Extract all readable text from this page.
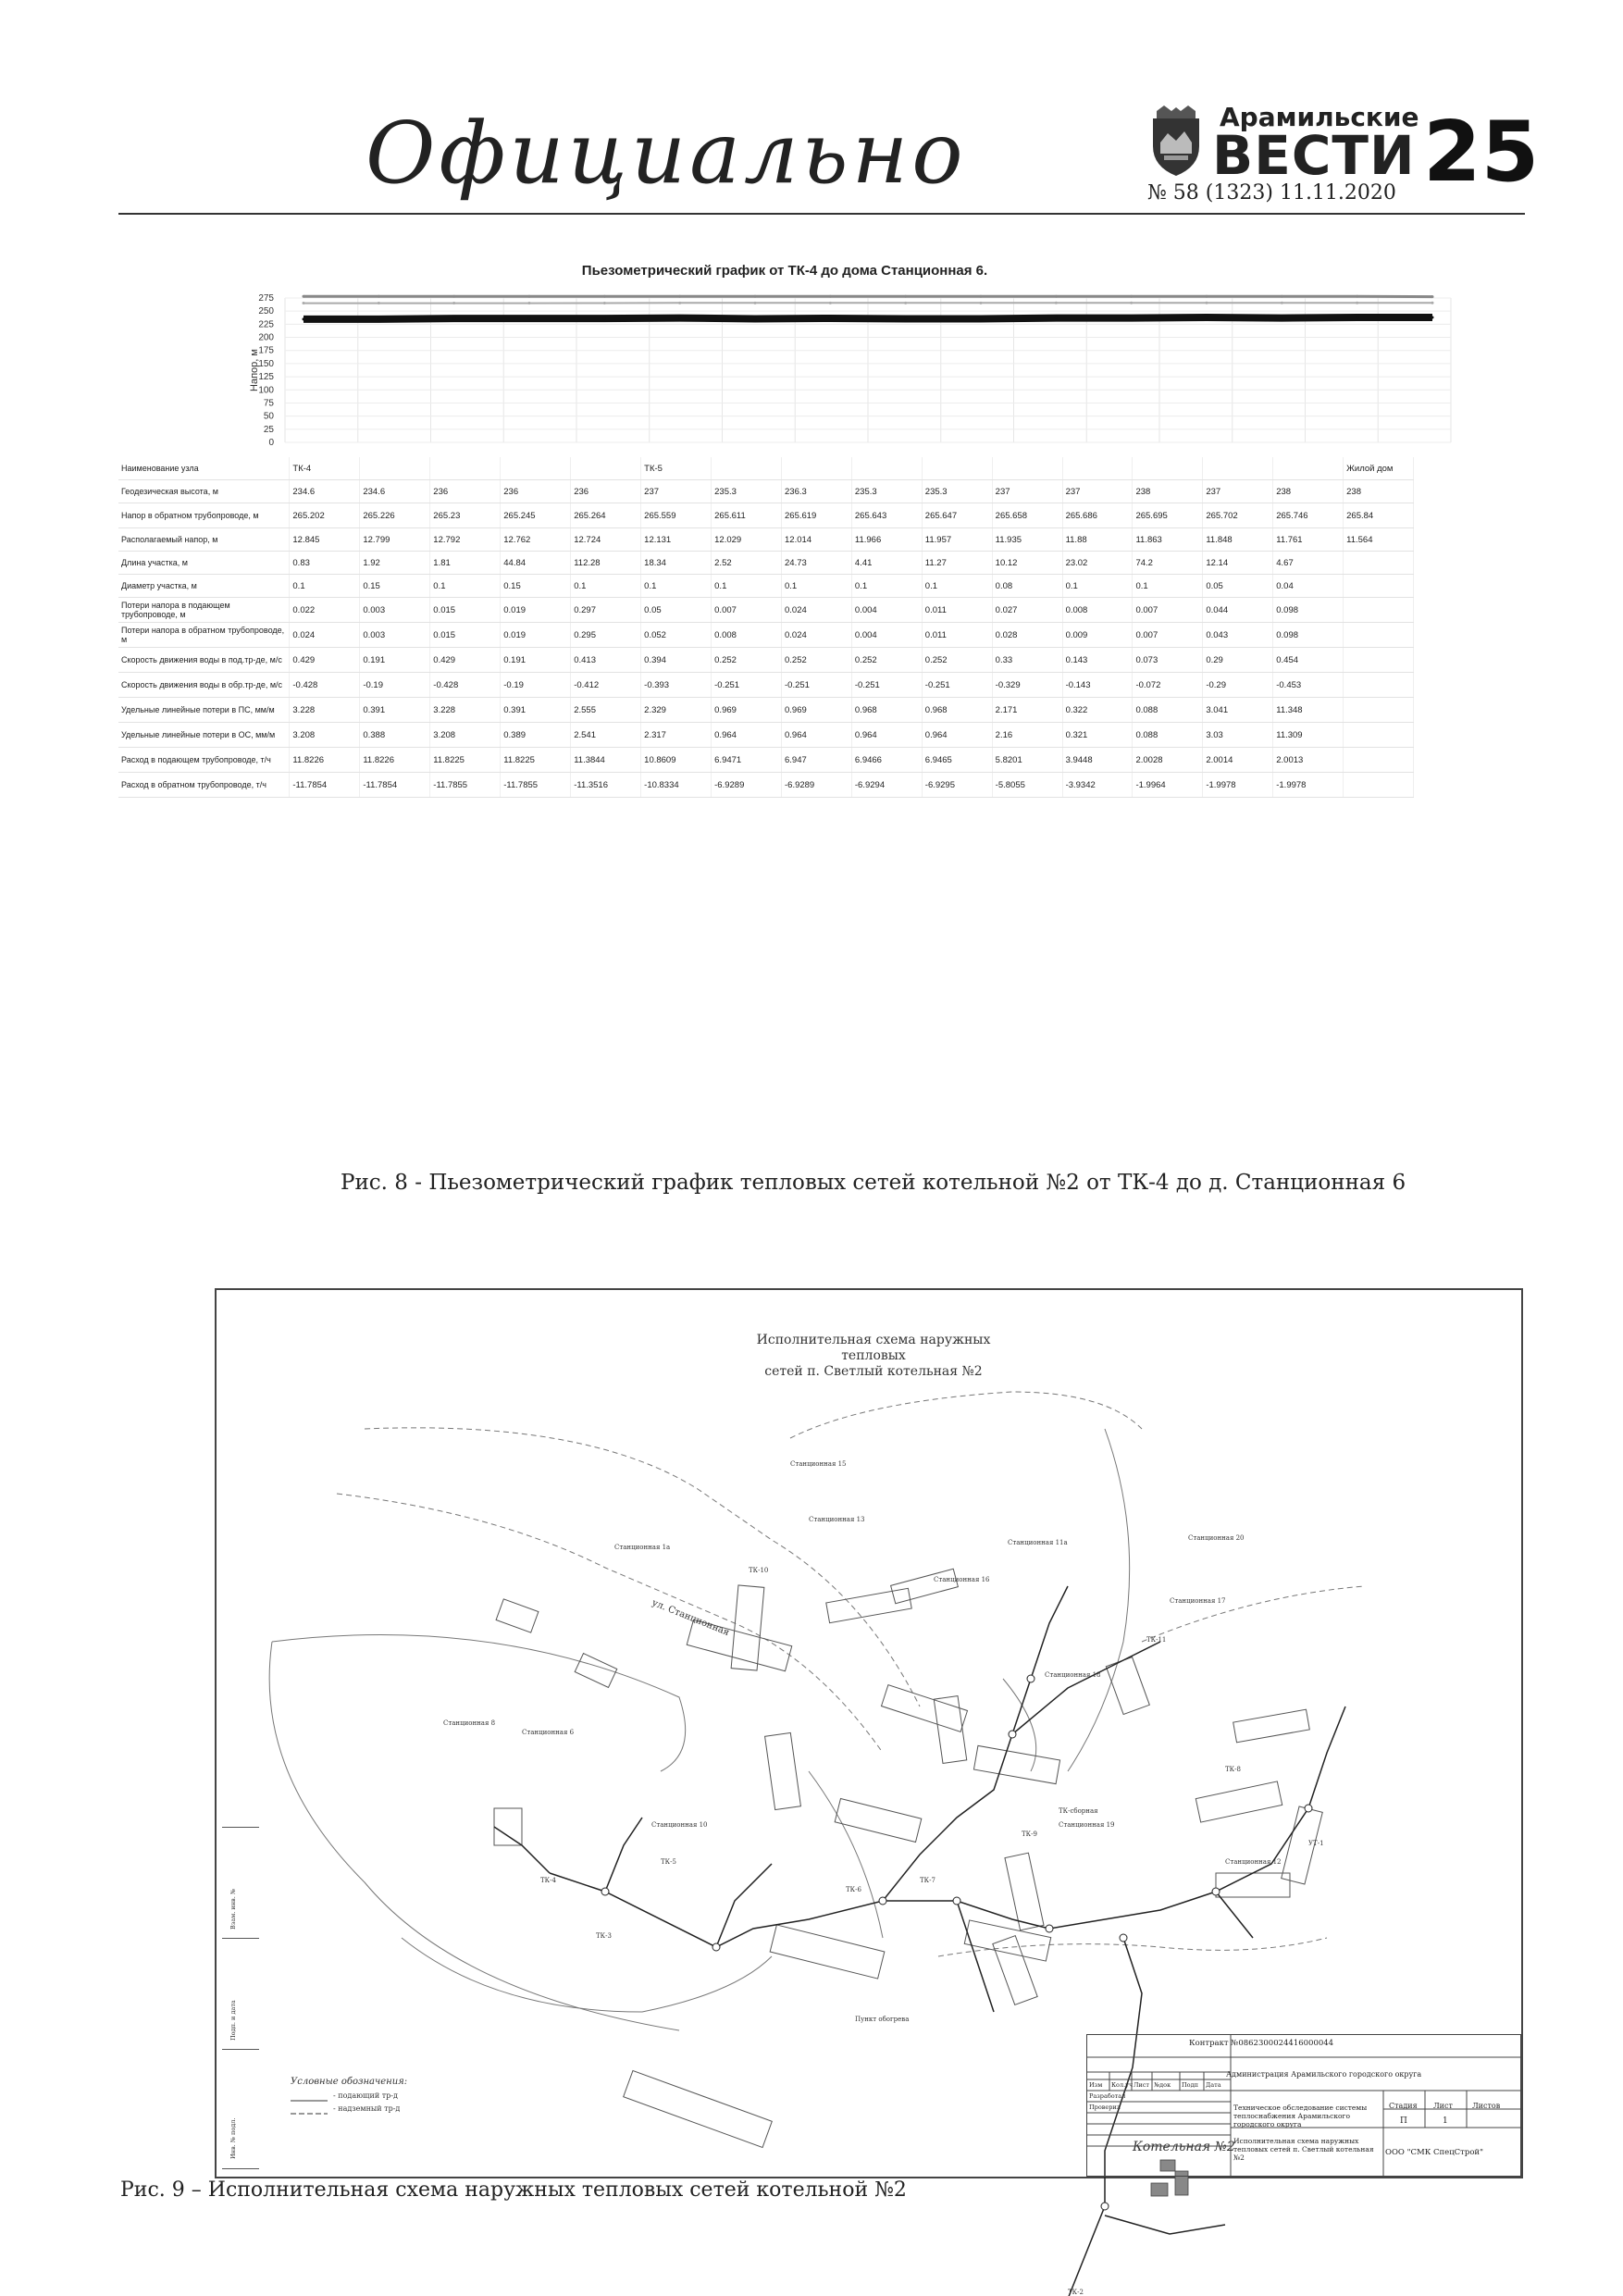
Официально	Арамильские
ВЕСТИ
№ 58 (1323) 11.11.2020 25
Пьезометрический график от ТК-4 до дома Станционная 6.
275
250
225
200
175
150
125
100
75
50
25
0
Напор, м
Наименование узла	ТК-4					ТК-5										Жилой дом
Геодезическая высота, м	234.6	234.6	236	236	236	237	235.3	236.3	235.3	235.3	237	237	238	237	238	238
Напор в обратном трубопроводе, м	265.202	265.226	265.23	265.245	265.264	265.559	265.611	265.619	265.643	265.647	265.658	265.686	265.695	265.702	265.746	265.84
Располагаемый напор, м	12.845	12.799	12.792	12.762	12.724	12.131	12.029	12.014	11.966	11.957	11.935	11.88	11.863	11.848	11.761	11.564
Длина участка, м	0.83	1.92	1.81	44.84	112.28	18.34	2.52	24.73	4.41	11.27	10.12	23.02	74.2	12.14	4.67	
Диаметр участка, м	0.1	0.15	0.1	0.15	0.1	0.1	0.1	0.1	0.1	0.1	0.08	0.1	0.1	0.05	0.04	
Потери напора в подающем трубопроводе, м	0.022	0.003	0.015	0.019	0.297	0.05	0.007	0.024	0.004	0.011	0.027	0.008	0.007	0.044	0.098	
Потери напора в обратном трубопроводе, м	0.024	0.003	0.015	0.019	0.295	0.052	0.008	0.024	0.004	0.011	0.028	0.009	0.007	0.043	0.098	
Скорость движения воды в под.тр-де, м/с	0.429	0.191	0.429	0.191	0.413	0.394	0.252	0.252	0.252	0.252	0.33	0.143	0.073	0.29	0.454	
Скорость движения воды в обр.тр-де, м/с	-0.428	-0.19	-0.428	-0.19	-0.412	-0.393	-0.251	-0.251	-0.251	-0.251	-0.329	-0.143	-0.072	-0.29	-0.453	
Удельные линейные потери в ПС, мм/м	3.228	0.391	3.228	0.391	2.555	2.329	0.969	0.969	0.968	0.968	2.171	0.322	0.088	3.041	11.348	
Удельные линейные потери в ОС, мм/м	3.208	0.388	3.208	0.389	2.541	2.317	0.964	0.964	0.964	0.964	2.16	0.321	0.088	3.03	11.309	
Расход в подающем трубопроводе, т/ч	11.8226	11.8226	11.8225	11.8225	11.3844	10.8609	6.9471	6.947	6.9466	6.9465	5.8201	3.9448	2.0028	2.0014	2.0013	
Расход в обратном трубопроводе, т/ч	-11.7854	-11.7854	-11.7855	-11.7855	-11.3516	-10.8334	-6.9289	-6.9289	-6.9294	-6.9295	-5.8055	-3.9342	-1.9964	-1.9978	-1.9978	
Рис. 8 - Пьезометрический график тепловых сетей котельной №2 от ТК-4 до д. Станционная 6
Исполнительная схема наружных тепловых
сетей п. Светлый котельная №2
Котельная №2
ул. Станционная
Станционная 15
Станционная 13
Станционная 11а
Станционная 20
Станционная 1а
Станционная 16
Станционная 6
Станционная 8
Станционная 17
Станционная 18
Станционная 19
Станционная 10
Станционная 12
ТК-10
ТК-11
ТК-8
ТК-9
ТК-7
ТК-6
ТК-5
ТК-4
ТК-3
ТК-2
Пункт обогрева
ТК-сборная
УТ-1
Условные обозначения:
- подающий тр-д
- надземный тр-д
Взам. инв. №
Подп. и дата
Инв. № подл.
Контракт №0862300024416000044
Администрация Арамильского городского округа
Изм Кол.уч Лист №док Подп Дата
Разработал
Проверил	Техническое обследование системы теплоснабжения Арамильского городского округа
Исполнительная схема наружных тепловых сетей п. Светлый котельная №2
Стадия Лист	Листов
П	1
ООО "СМК СпецСтрой"
Рис. 9 – Исполнительная схема наружных тепловых сетей котельной №2
